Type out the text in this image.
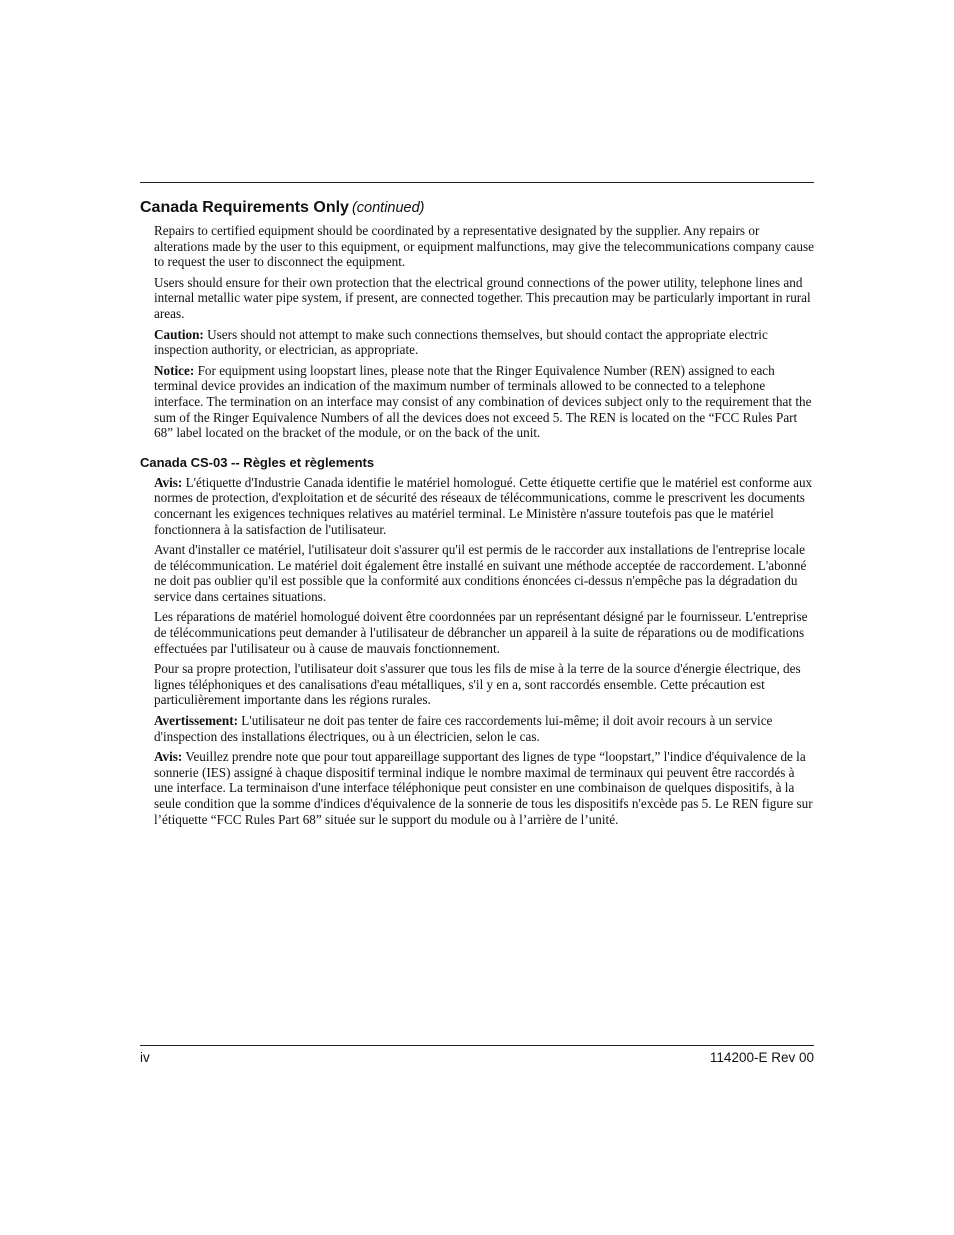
Canada Requirements Only (continued)

Repairs to certified equipment should be coordinated by a representative designated by the supplier. Any repairs or alterations made by the user to this equipment, or equipment malfunctions, may give the telecommunications company cause to request the user to disconnect the equipment.

Users should ensure for their own protection that the electrical ground connections of the power utility, telephone lines and internal metallic water pipe system, if present, are connected together. This precaution may be particularly important in rural areas.

Caution: Users should not attempt to make such connections themselves, but should contact the appropriate electric inspection authority, or electrician, as appropriate.

Notice: For equipment using loopstart lines, please note that the Ringer Equivalence Number (REN) assigned to each terminal device provides an indication of the maximum number of terminals allowed to be connected to a telephone interface. The termination on an interface may consist of any combination of devices subject only to the requirement that the sum of the Ringer Equivalence Numbers of all the devices does not exceed 5. The REN is located on the “FCC Rules Part 68” label located on the bracket of the module, or on the back of the unit.

Canada CS-03 -- Règles et règlements

Avis: L'étiquette d'Industrie Canada identifie le matériel homologué. Cette étiquette certifie que le matériel est conforme aux normes de protection, d'exploitation et de sécurité des réseaux de télécommunications, comme le prescrivent les documents concernant les exigences techniques relatives au matériel terminal. Le Ministère n'assure toutefois pas que le matériel fonctionnera à la satisfaction de l'utilisateur.

Avant d'installer ce matériel, l'utilisateur doit s'assurer qu'il est permis de le raccorder aux installations de l'entreprise locale de télécommunication. Le matériel doit également être installé en suivant une méthode acceptée de raccordement. L'abonné ne doit pas oublier qu'il est possible que la conformité aux conditions énoncées ci-dessus n'empêche pas la dégradation du service dans certaines situations.

Les réparations de matériel homologué doivent être coordonnées par un représentant désigné par le fournisseur. L'entreprise de télécommunications peut demander à l'utilisateur de débrancher un appareil à la suite de réparations ou de modifications effectuées par l'utilisateur ou à cause de mauvais fonctionnement.

Pour sa propre protection, l'utilisateur doit s'assurer que tous les fils de mise à la terre de la source d'énergie électrique, des lignes téléphoniques et des canalisations d'eau métalliques, s'il y en a, sont raccordés ensemble. Cette précaution est particulièrement importante dans les régions rurales.

Avertissement: L'utilisateur ne doit pas tenter de faire ces raccordements lui-même; il doit avoir recours à un service d'inspection des installations électriques, ou à un électricien, selon le cas.

Avis: Veuillez prendre note que pour tout appareillage supportant des lignes de type “loopstart,” l'indice d'équivalence de la sonnerie (IES) assigné à chaque dispositif terminal indique le nombre maximal de terminaux qui peuvent être raccordés à une interface. La terminaison d'une interface téléphonique peut consister en une combinaison de quelques dispositifs, à la seule condition que la somme d'indices d'équivalence de la sonnerie de tous les dispositifs n'excède pas 5. Le REN figure sur l’étiquette “FCC Rules Part 68” située sur le support du module ou à l’arrière de l’unité.

iv	114200-E Rev 00
